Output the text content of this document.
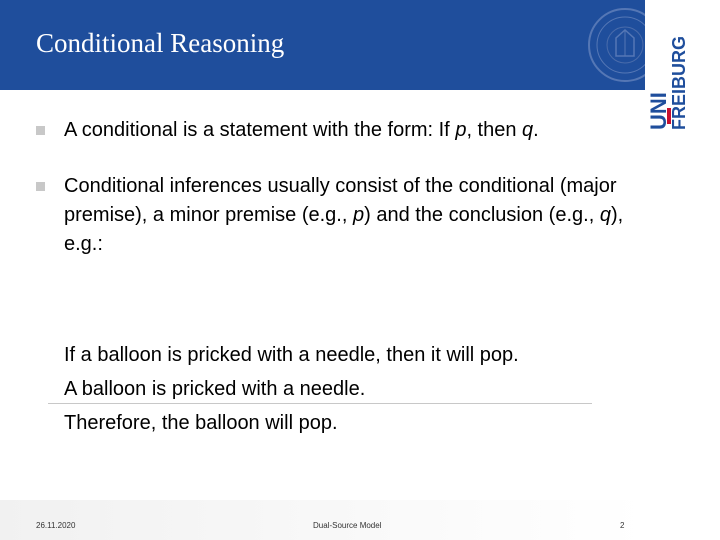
Conditional Reasoning
UNI
FREIBURG
A conditional is a statement with the form: If p, then q.
Conditional inferences usually consist of the conditional (major premise), a minor premise (e.g., p) and the conclusion (e.g., q), e.g.:
If a balloon is pricked with a needle, then it will pop.
A balloon is pricked with a needle.
Therefore, the balloon will pop.
26.11.2020	Dual-Source Model	2
